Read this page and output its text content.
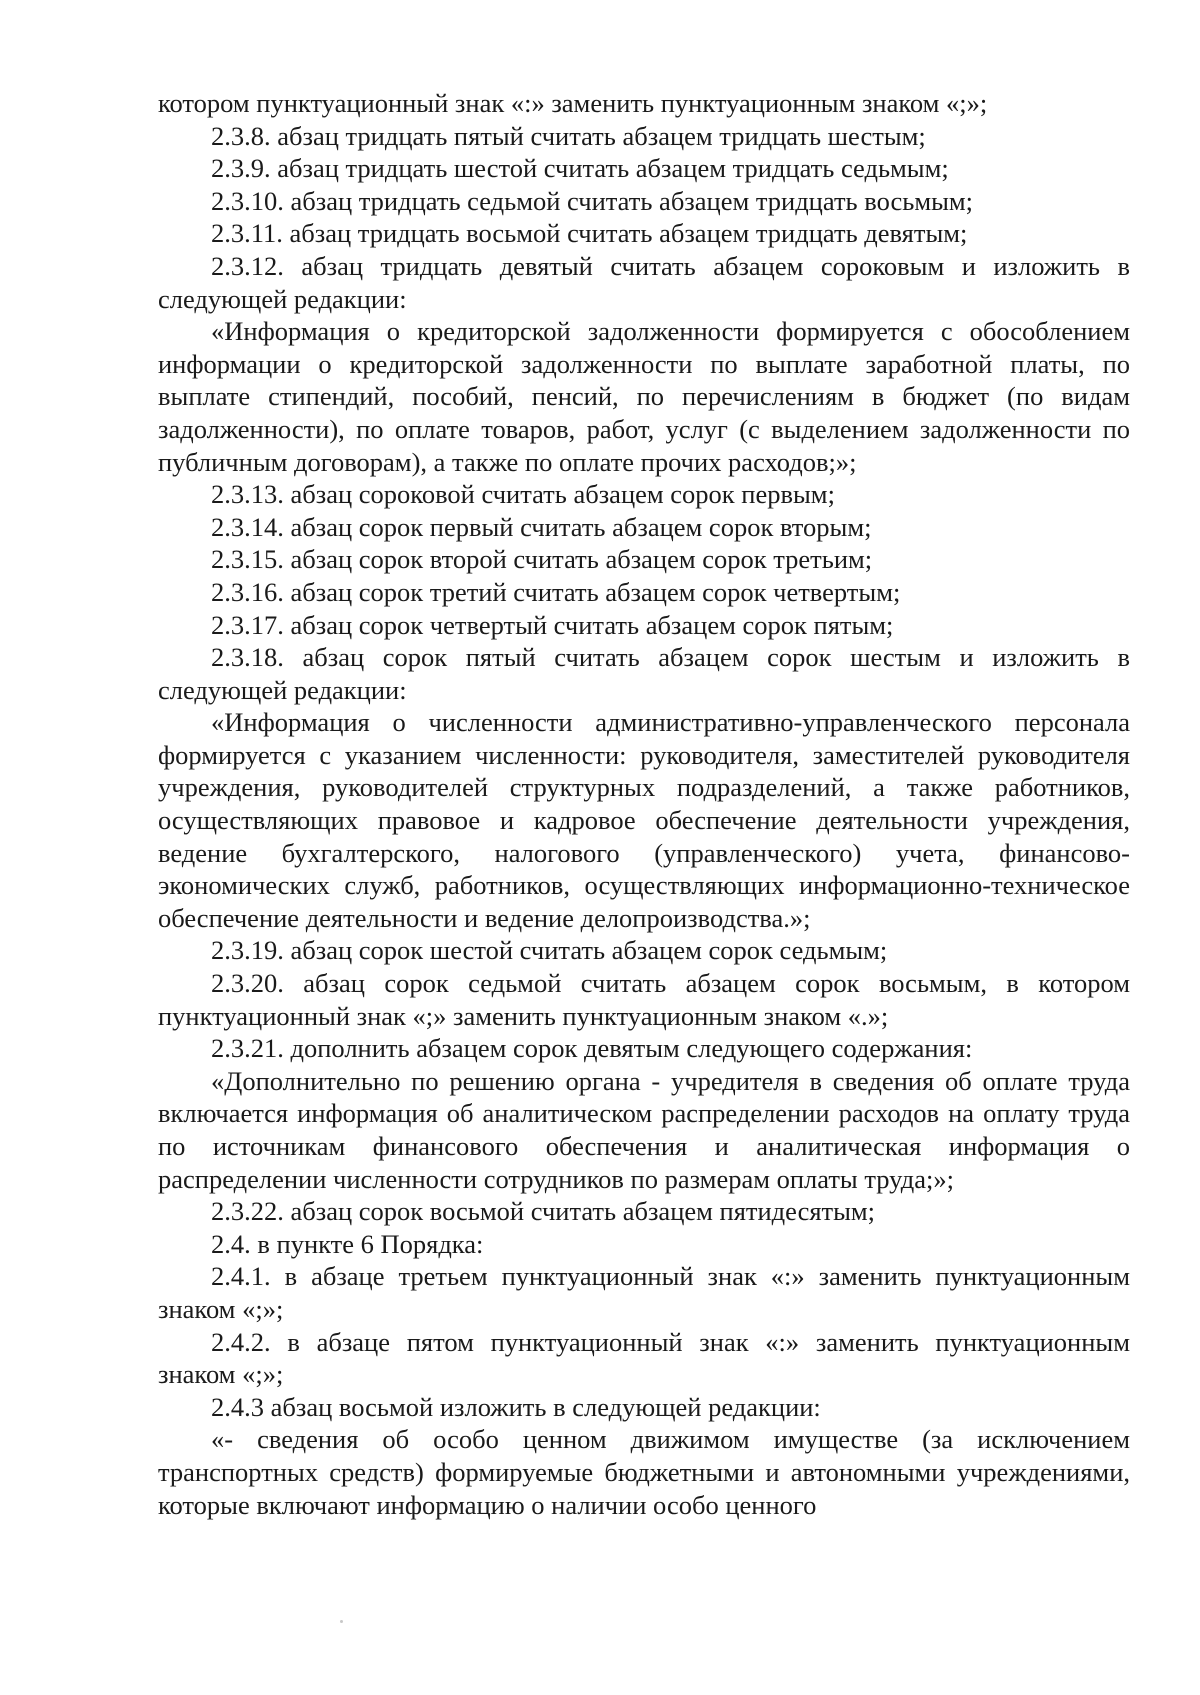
котором пунктуационный знак «:» заменить пунктуационным знаком «;»;

2.3.8. абзац тридцать пятый считать абзацем тридцать шестым;

2.3.9. абзац тридцать шестой считать абзацем тридцать седьмым;

2.3.10. абзац тридцать седьмой считать абзацем тридцать восьмым;

2.3.11. абзац тридцать восьмой считать абзацем тридцать девятым;

2.3.12. абзац тридцать девятый считать абзацем сороковым и изложить в следующей редакции:

«Информация о кредиторской задолженности формируется с обособлением информации о кредиторской задолженности по выплате заработной платы, по выплате стипендий, пособий, пенсий, по перечислениям в бюджет (по видам задолженности), по оплате товаров, работ, услуг (с выделением задолженности по публичным договорам), а также по оплате прочих расходов;»;

2.3.13. абзац сороковой считать абзацем сорок первым;

2.3.14. абзац сорок первый считать абзацем сорок вторым;

2.3.15. абзац сорок второй считать абзацем сорок третьим;

2.3.16. абзац сорок третий считать абзацем сорок четвертым;

2.3.17. абзац сорок четвертый считать абзацем сорок пятым;

2.3.18. абзац сорок пятый считать абзацем сорок шестым и изложить в следующей редакции:

«Информация о численности административно-управленческого персонала формируется с указанием численности: руководителя, заместителей руководителя учреждения, руководителей структурных подразделений, а также работников, осуществляющих правовое и кадровое обеспечение деятельности учреждения, ведение бухгалтерского, налогового (управленческого) учета, финансово-экономических служб, работников, осуществляющих информационно-техническое обеспечение деятельности и ведение делопроизводства.»;

2.3.19. абзац сорок шестой считать абзацем сорок седьмым;

2.3.20. абзац сорок седьмой считать абзацем сорок восьмым, в котором пунктуационный знак «;» заменить пунктуационным знаком «.»;

2.3.21. дополнить абзацем сорок девятым следующего содержания:

«Дополнительно по решению органа - учредителя в сведения об оплате труда включается информация об аналитическом распределении расходов на оплату труда по источникам финансового обеспечения и аналитическая информация о распределении численности сотрудников по размерам оплаты труда;»;

2.3.22. абзац сорок восьмой считать абзацем пятидесятым;

2.4. в пункте 6 Порядка:

2.4.1. в абзаце третьем пунктуационный знак «:» заменить пунктуационным знаком «;»;

2.4.2. в абзаце пятом пунктуационный знак «:» заменить пунктуационным знаком «;»;

2.4.3 абзац восьмой изложить в следующей редакции:

«- сведения об особо ценном движимом имуществе (за исключением транспортных средств) формируемые бюджетными и автономными учреждениями, которые включают информацию о наличии особо ценного
